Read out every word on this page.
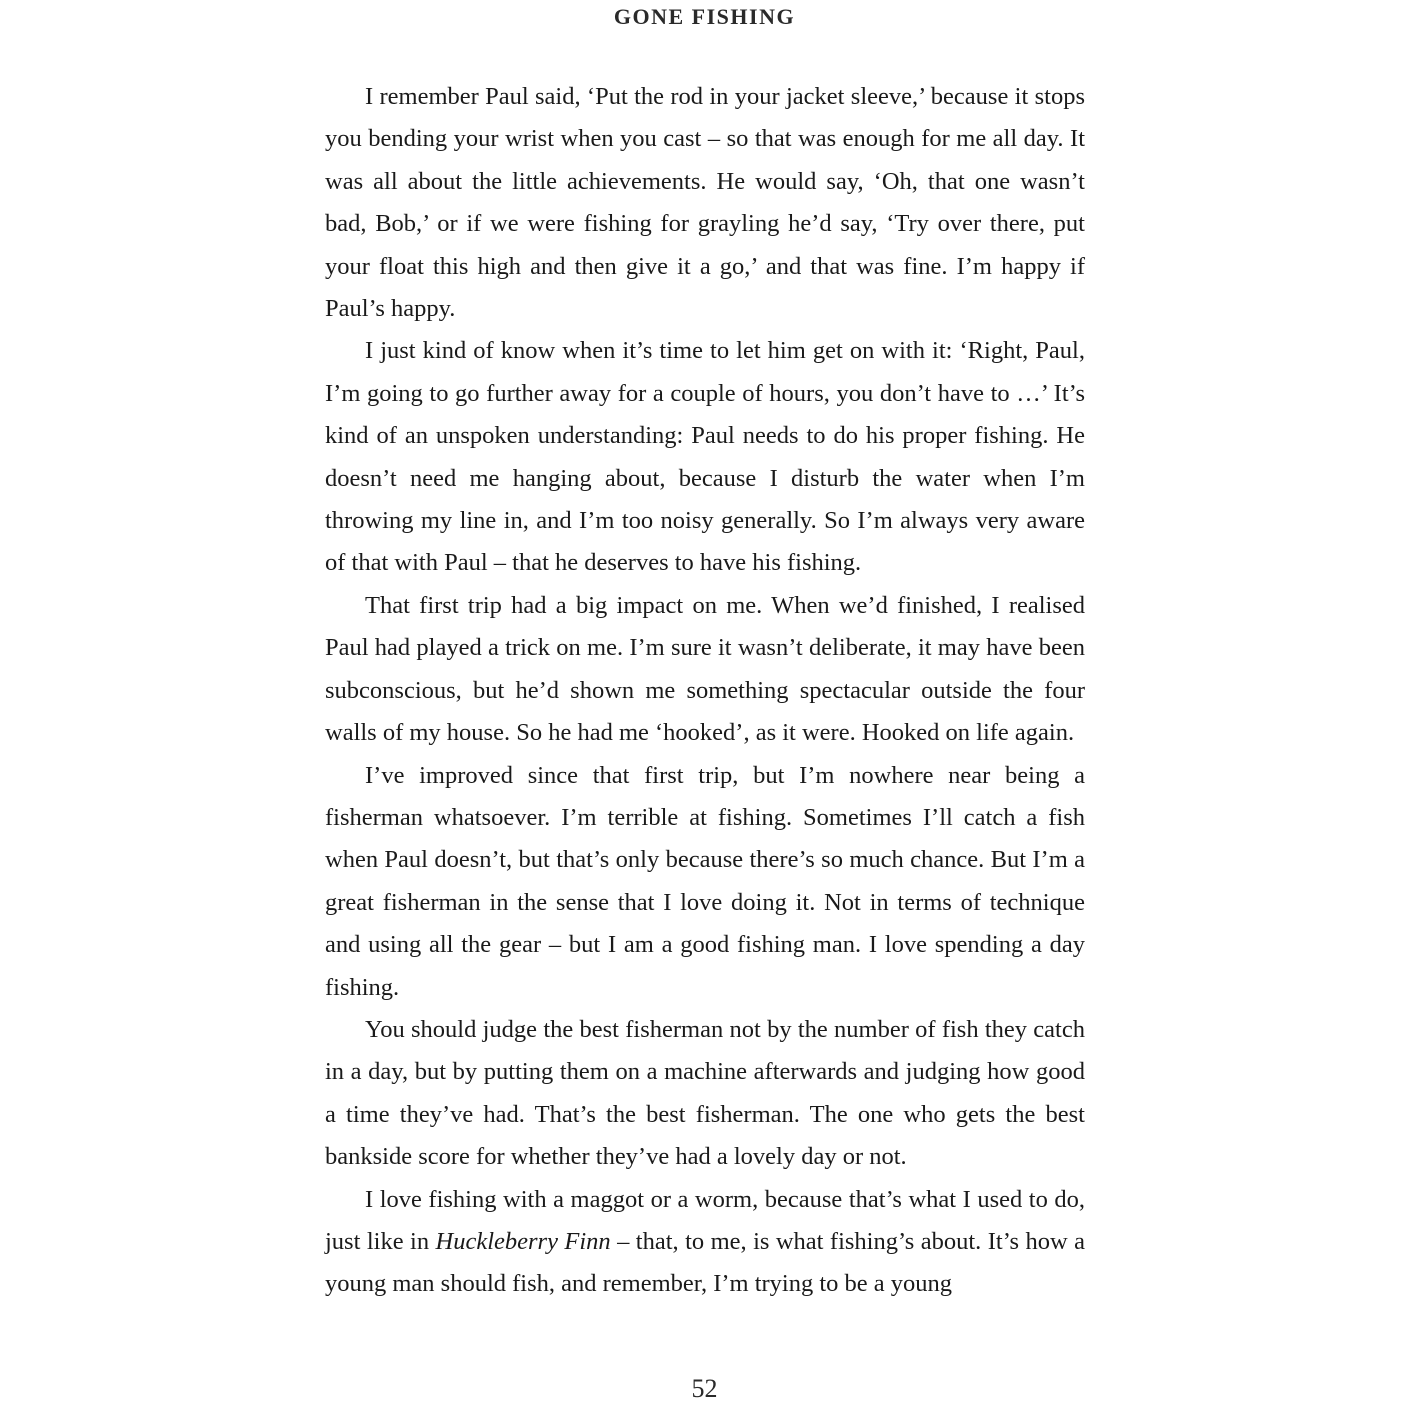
GONE FISHING

I remember Paul said, ‘Put the rod in your jacket sleeve,’ because it stops you bending your wrist when you cast – so that was enough for me all day. It was all about the little achievements. He would say, ‘Oh, that one wasn’t bad, Bob,’ or if we were fishing for grayling he’d say, ‘Try over there, put your float this high and then give it a go,’ and that was fine. I’m happy if Paul’s happy.

I just kind of know when it’s time to let him get on with it: ‘Right, Paul, I’m going to go further away for a couple of hours, you don’t have to …’ It’s kind of an unspoken understanding: Paul needs to do his proper fishing. He doesn’t need me hanging about, because I disturb the water when I’m throwing my line in, and I’m too noisy generally. So I’m always very aware of that with Paul – that he deserves to have his fishing.

That first trip had a big impact on me. When we’d finished, I realised Paul had played a trick on me. I’m sure it wasn’t deliberate, it may have been subconscious, but he’d shown me something spectacular outside the four walls of my house. So he had me ‘hooked’, as it were. Hooked on life again.

I’ve improved since that first trip, but I’m nowhere near being a fisherman whatsoever. I’m terrible at fishing. Sometimes I’ll catch a fish when Paul doesn’t, but that’s only because there’s so much chance. But I’m a great fisherman in the sense that I love doing it. Not in terms of technique and using all the gear – but I am a good fishing man. I love spending a day fishing.

You should judge the best fisherman not by the number of fish they catch in a day, but by putting them on a machine afterwards and judging how good a time they’ve had. That’s the best fisherman. The one who gets the best bankside score for whether they’ve had a lovely day or not.

I love fishing with a maggot or a worm, because that’s what I used to do, just like in Huckleberry Finn – that, to me, is what fishing’s about. It’s how a young man should fish, and remember, I’m trying to be a young

52
